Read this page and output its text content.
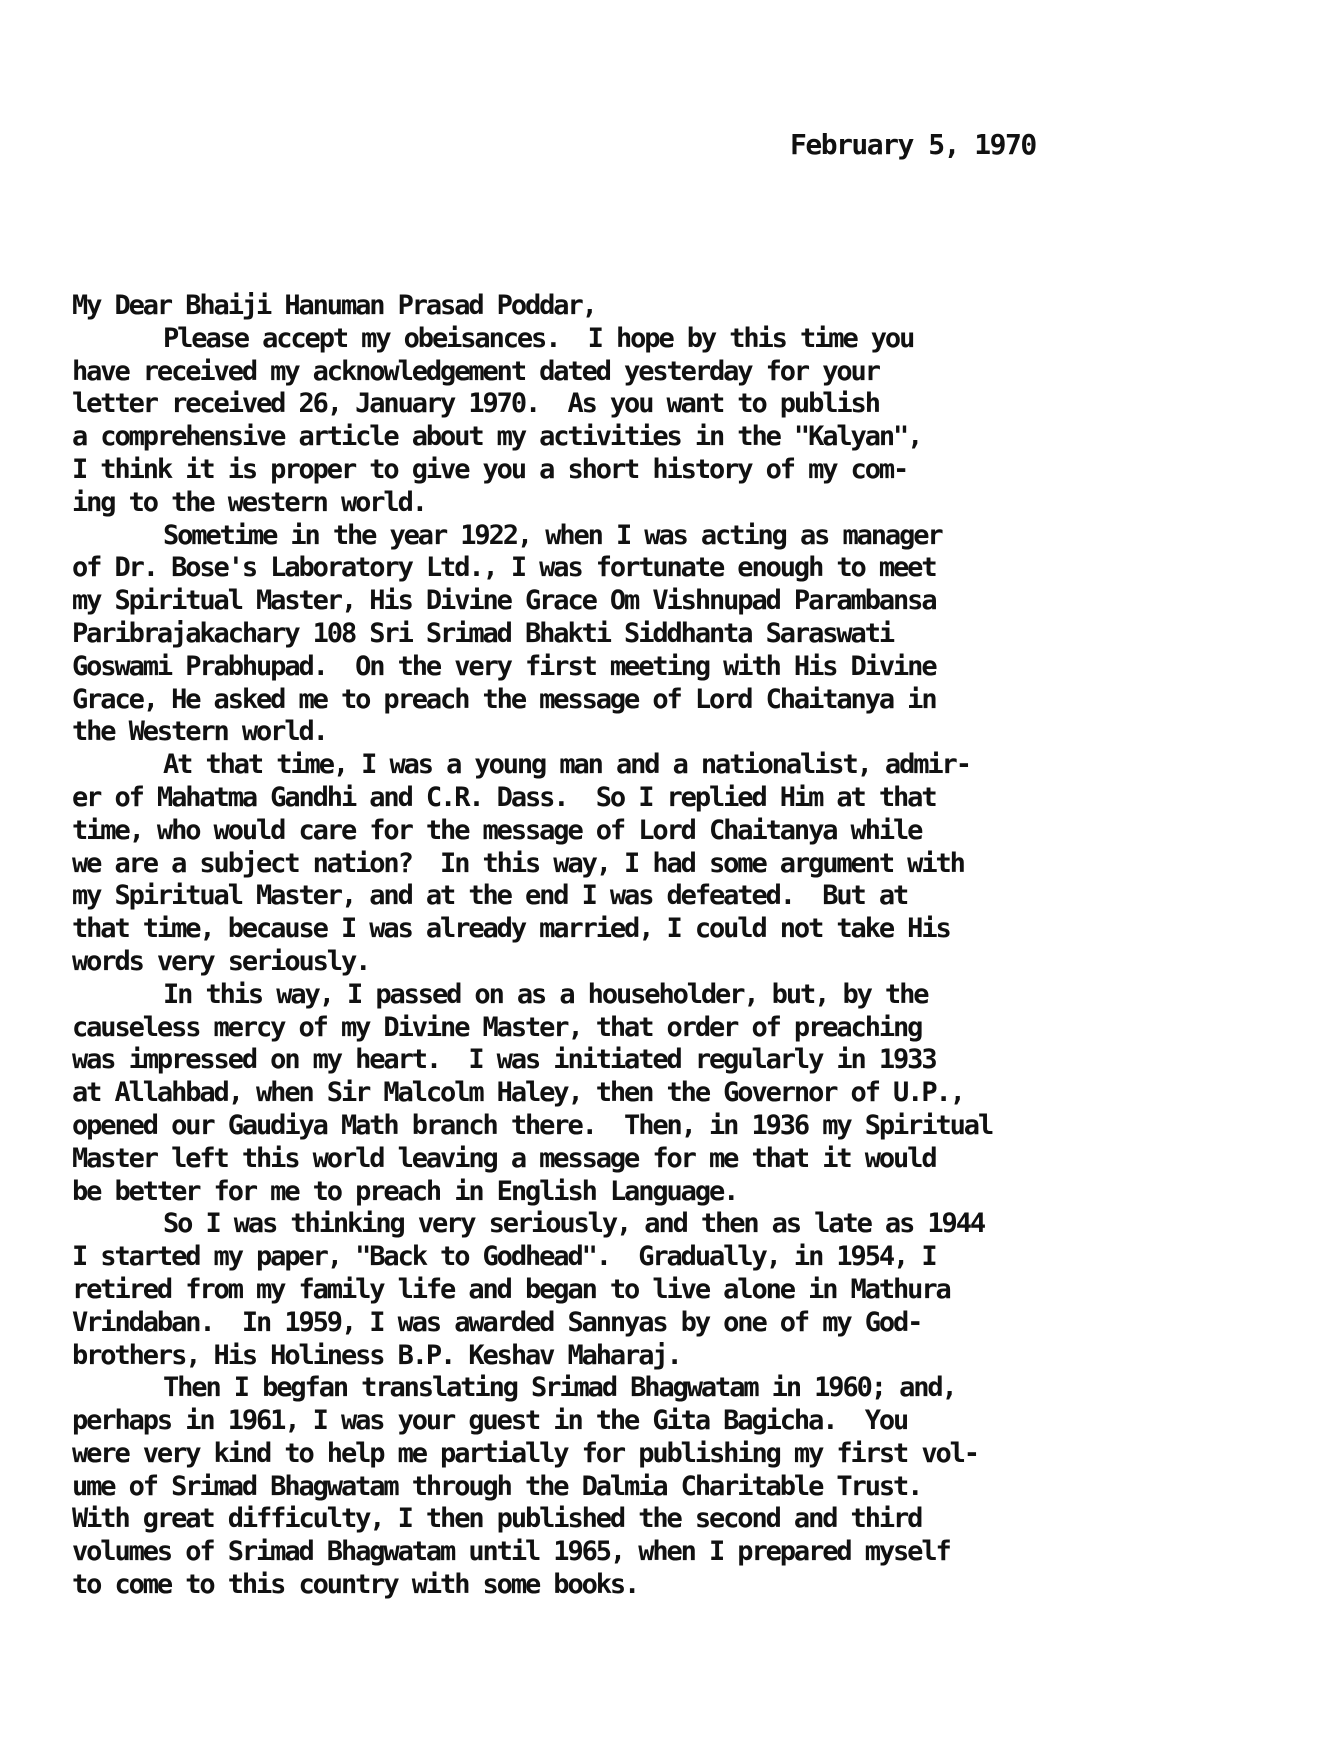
February 5, 1970
My Dear Bhaiji Hanuman Prasad Poddar,
Please accept my obeisances.  I hope by this time you
have received my acknowledgement dated yesterday for your
letter received 26, January 1970.  As you want to publish
a comprehensive article about my activities in the "Kalyan",
I think it is proper to give you a short history of my com-
ing to the western world.
Sometime in the year 1922, when I was acting as manager
of Dr. Bose's Laboratory Ltd., I was fortunate enough to meet
my Spiritual Master, His Divine Grace Om Vishnupad Parambansa
Paribrajakachary 108 Sri Srimad Bhakti Siddhanta Saraswati
Goswami Prabhupad.  On the very first meeting with His Divine
Grace, He asked me to preach the message of Lord Chaitanya in
the Western world.
At that time, I was a young man and a nationalist, admir-
er of Mahatma Gandhi and C.R. Dass.  So I replied Him at that
time, who would care for the message of Lord Chaitanya while
we are a subject nation?  In this way, I had some argument with
my Spiritual Master, and at the end I was defeated.  But at
that time, because I was already married, I could not take His
words very seriously.
In this way, I passed on as a householder, but, by the
causeless mercy of my Divine Master, that order of preaching
was impressed on my heart.  I was initiated regularly in 1933
at Allahbad, when Sir Malcolm Haley, then the Governor of U.P.,
opened our Gaudiya Math branch there.  Then, in 1936 my Spiritual
Master left this world leaving a message for me that it would
be better for me to preach in English Language.
So I was thinking very seriously, and then as late as 1944
I started my paper, "Back to Godhead".  Gradually, in 1954, I
retired from my family life and began to live alone in Mathura
Vrindaban.  In 1959, I was awarded Sannyas by one of my God-
brothers, His Holiness B.P. Keshav Maharaj.
Then I begfan translating Srimad Bhagwatam in 1960; and,
perhaps in 1961, I was your guest in the Gita Bagicha.  You
were very kind to help me partially for publishing my first vol-
ume of Srimad Bhagwatam through the Dalmia Charitable Trust.
With great difficulty, I then published the second and third
volumes of Srimad Bhagwatam until 1965, when I prepared myself
to come to this country with some books.
